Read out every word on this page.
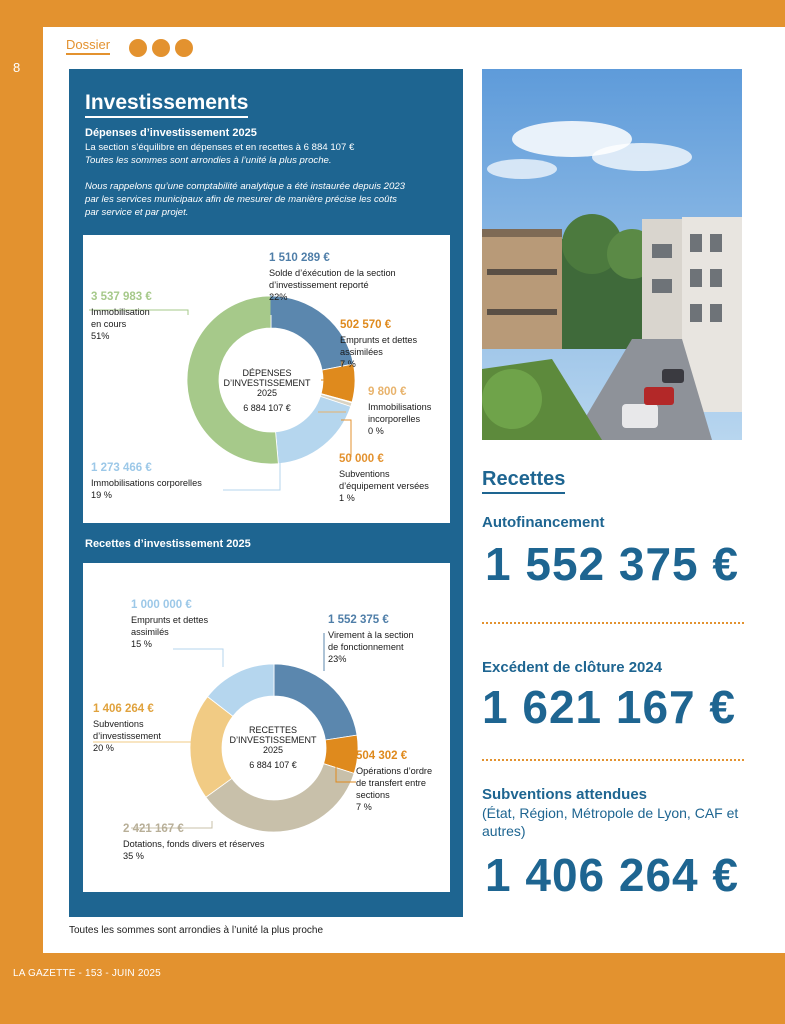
8
Dossier
Investissements
Dépenses d’investissement 2025
La section s’équilibre en dépenses et en recettes à 6 884 107 €
Toutes les sommes sont arrondies à l’unité la plus proche.
Nous rappelons qu’une comptabilité analytique a été instaurée depuis 2023
par les services municipaux afin de mesurer de manière précise les coûts
par service et par projet.
DÉPENSES
D’INVESTISSEMENT
2025
6 884 107 €
1 510 289 €
Solde d’éxécution de la section
d’investissement reporté
22%
502 570 €
Emprunts et dettes
assimilées
7 %
9 800 €
Immobilisations
incorporelles
0 %
50 000 €
Subventions
d’équipement versées
1 %
1 273 466 €
Immobilisations corporelles
19 %
3 537 983 €
Immobilisation
en cours
51%
Recettes d’investissement 2025
RECETTES
D’INVESTISSEMENT
2025
6 884 107 €
1 552 375 €
Virement à la section
de fonctionnement
23%
504 302 €
Opérations d’ordre
de transfert entre
sections
7 %
2 421 167 €
Dotations, fonds divers et réserves
35 %
1 406 264 €
Subventions
d’investissement
20 %
1 000 000 €
Emprunts et dettes
assimilés
15 %
Recettes
Autofinancement
1 552 375 €
Excédent de clôture 2024
1 621 167 €
Subventions attendues
(État, Région, Métropole de Lyon, CAF et autres)
1 406 264 €
Toutes les sommes sont arrondies à l’unité la plus proche
LA GAZETTE - 153 - JUIN 2025
